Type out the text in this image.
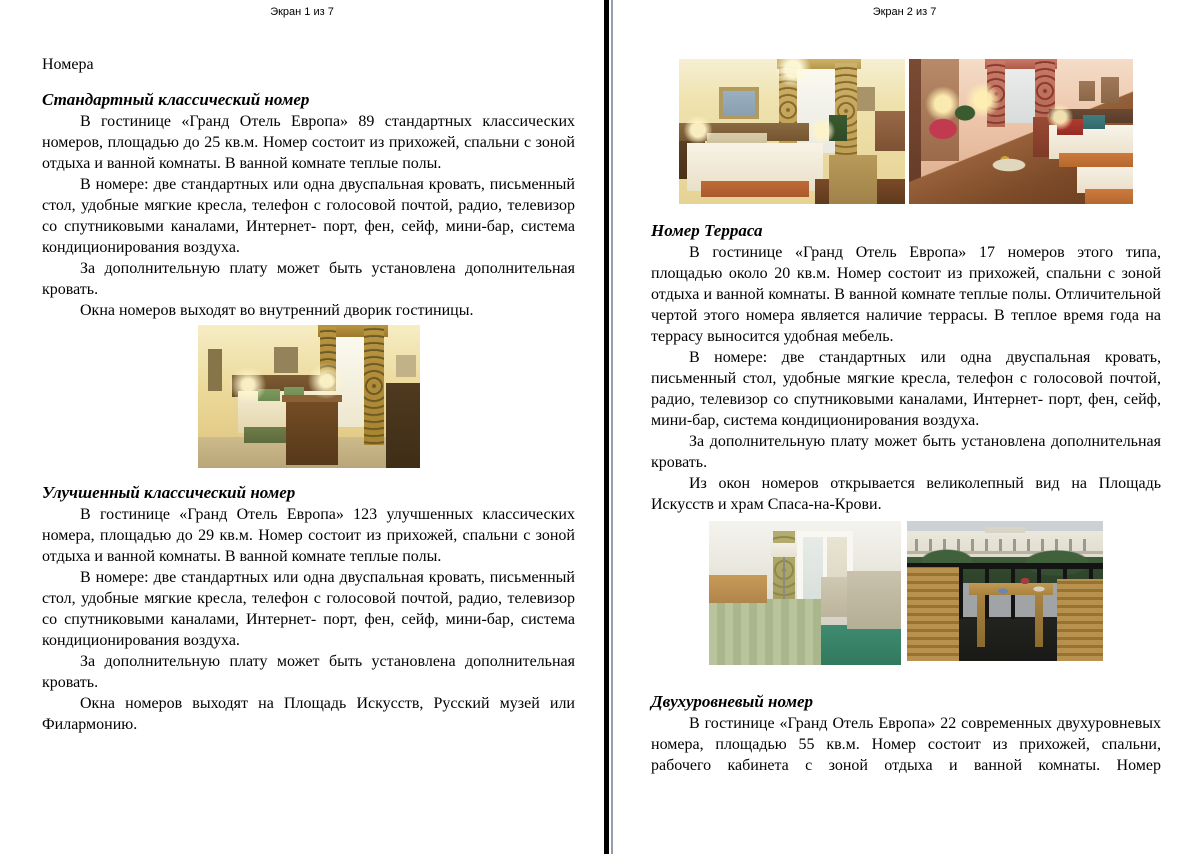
Экран 1 из 7

Номера

Стандартный классический номер

В гостинице «Гранд Отель Европа» 89 стандартных классических номеров, площадью до 25 кв.м. Номер состоит из прихожей, спальни с зоной отдыха и ванной комнаты. В ванной комнате теплые полы.

В номере: две стандартных или одна двуспальная кровать, письменный стол, удобные мягкие кресла, телефон с голосовой почтой, радио, телевизор со спутниковыми каналами, Интернет- порт, фен, сейф, мини-бар, система кондиционирования воздуха.

За дополнительную плату может быть установлена дополнительная кровать.

Окна номеров выходят во внутренний дворик гостиницы.

Улучшенный классический номер

В гостинице «Гранд Отель Европа» 123 улучшенных классических номера, площадью до 29 кв.м. Номер состоит из прихожей, спальни с зоной отдыха и ванной комнаты. В ванной комнате теплые полы.

В номере: две стандартных или одна двуспальная кровать, письменный стол, удобные мягкие кресла, телефон с голосовой почтой, радио, телевизор со спутниковыми каналами, Интернет- порт, фен, сейф, мини-бар, система кондиционирования воздуха.

За дополнительную плату может быть установлена дополнительная кровать.

Окна номеров выходят на Площадь Искусств, Русский музей или Филармонию.

Экран 2 из 7
Номер Терраса

В гостинице «Гранд Отель Европа» 17 номеров этого типа, площадью около 20 кв.м. Номер состоит из прихожей, спальни с зоной отдыха и ванной комнаты. В ванной комнате теплые полы. Отличительной чертой этого номера является наличие террасы. В теплое время года на террасу выносится удобная мебель.

В номере: две стандартных или одна двуспальная кровать, письменный стол, удобные мягкие кресла, телефон с голосовой почтой, радио, телевизор со спутниковыми каналами, Интернет- порт, фен, сейф, мини-бар, система кондиционирования воздуха.

За дополнительную плату может быть установлена дополнительная кровать.

Из окон номеров открывается великолепный вид на Площадь Искусств и храм Спаса-на-Крови.

Двухуровневый номер

В гостинице «Гранд Отель Европа» 22 современных двухуровневых номера, площадью 55 кв.м. Номер состоит из прихожей, спальни, рабочего кабинета с зоной отдыха и ванной комнаты. Номер
